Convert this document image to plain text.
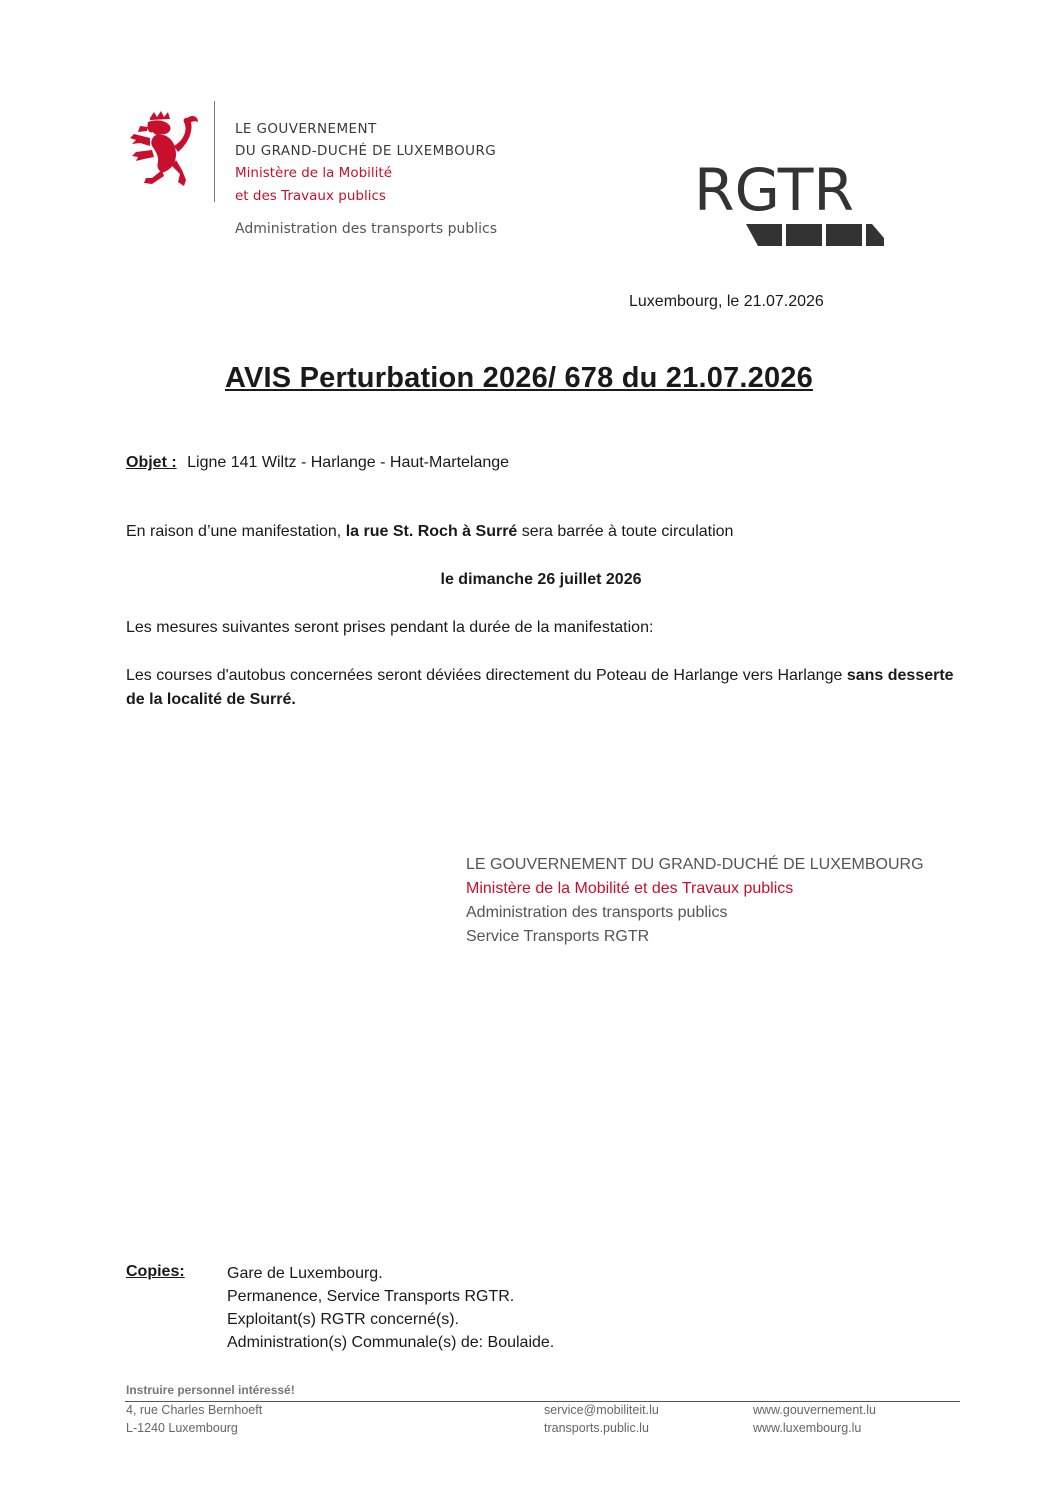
LE GOUVERNEMENT
DU GRAND-DUCHÉ DE LUXEMBOURG
Ministère de la Mobilité
et des Travaux publics
Administration des transports publics
RGTR
Luxembourg, le 21.07.2026
AVIS Perturbation 2026/ 678 du 21.07.2026
Objet : Ligne 141 Wiltz - Harlange - Haut-Martelange
En raison d’une manifestation, la rue St. Roch à Surré sera barrée à toute circulation
le dimanche 26 juillet 2026
Les mesures suivantes seront prises pendant la durée de la manifestation:
Les courses d'autobus concernées seront déviées directement du Poteau de Harlange vers Harlange sans desserte de la localité de Surré.
LE GOUVERNEMENT DU GRAND-DUCHÉ DE LUXEMBOURG
Ministère de la Mobilité et des Travaux publics
Administration des transports publics
Service Transports RGTR
Copies:	Gare de Luxembourg.
Permanence, Service Transports RGTR.
Exploitant(s) RGTR concerné(s).
Administration(s) Communale(s) de: Boulaide.
Instruire personnel intéressé!
4, rue Charles Bernhoeft
L-1240 Luxembourg
service@mobiliteit.lu
transports.public.lu
www.gouvernement.lu
www.luxembourg.lu
